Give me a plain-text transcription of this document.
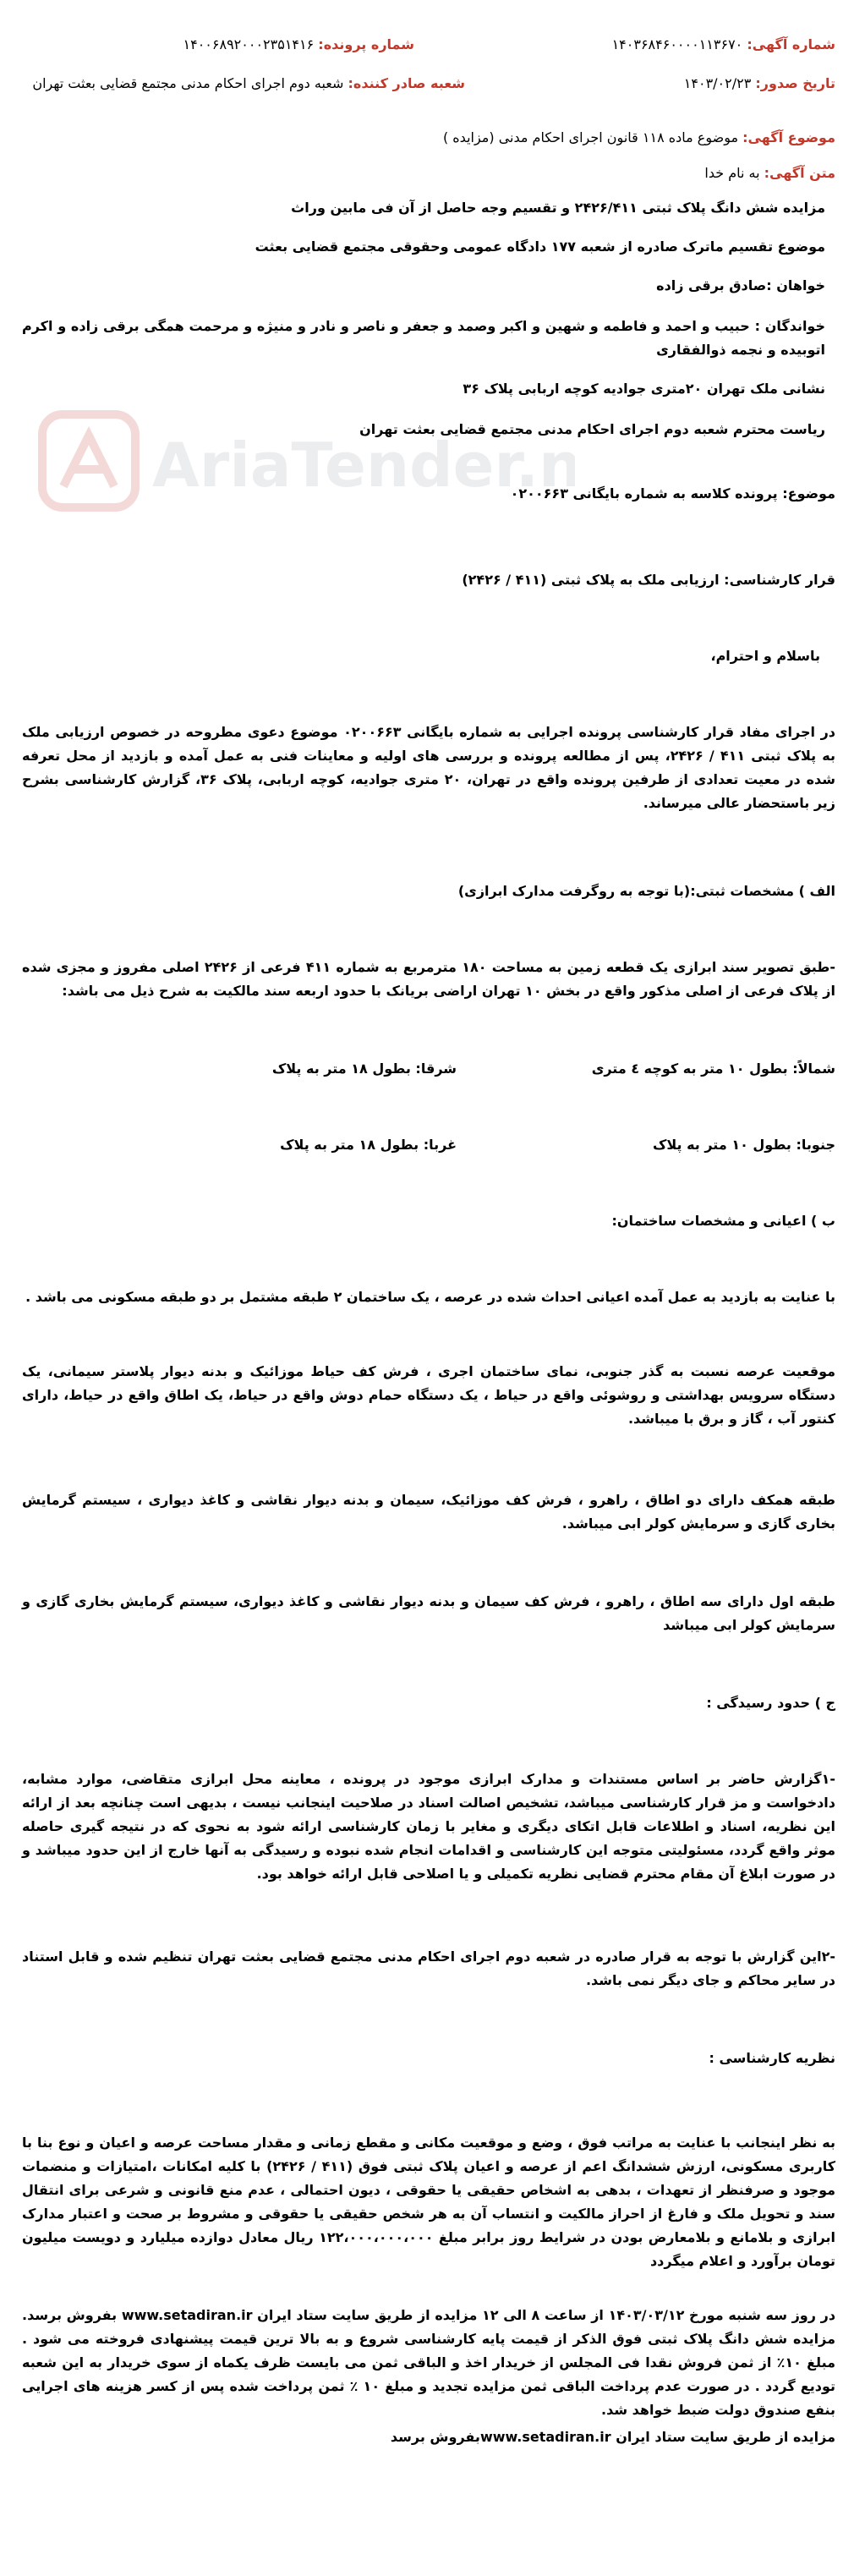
AriaTender.n
شماره آگهی: ۱۴۰۳۶۸۴۶۰۰۰۰۱۱۳۶۷۰
شماره پرونده: ۱۴۰۰۶۸۹۲۰۰۰۲۳۵۱۴۱۶
تاریخ صدور: ۱۴۰۳/۰۲/۲۳
شعبه صادر کننده: شعبه دوم اجرای احکام مدنی مجتمع قضایی بعثت تهران
موضوع آگهی: موضوع ماده ۱۱۸ قانون اجرای احکام مدنی (مزایده )
متن آگهی: به نام خدا
مزایده شش دانگ پلاک ثبتی ۲۴۲۶/۴۱۱ و تقسیم وجه حاصل از آن فی مابین وراث
موضوع تقسیم ماترک صادره از شعبه ۱۷۷ دادگاه عمومی وحقوقی مجتمع قضایی بعثت
خواهان :صادق برقی زاده
خواندگان : حبیب و احمد و فاطمه و شهین و اکبر وصمد و جعفر و ناصر و نادر و منیژه و مرحمت همگی برقی زاده و اکرم اتوبیده و نجمه ذوالفقاری
نشانی ملک تهران ۲۰متری جوادیه کوچه اربابی پلاک ۳۶
ریاست محترم شعبه دوم اجرای احکام مدنی مجتمع قضایی بعثت تهران
موضوع: پرونده کلاسه به شماره بایگانی ۰۲۰۰۶۶۳
قرار کارشناسی: ارزیابی ملک به پلاک ثبتی (۴۱۱ / ۲۴۲۶)
باسلام و احترام،
در اجرای مفاد قرار کارشناسی پرونده اجرایی به شماره بایگانی ۰۲۰۰۶۶۳ موضوع دعوی مطروحه در خصوص ارزیابی ملک به پلاک ثبتی ۴۱۱ / ۲۴۲۶، پس از مطالعه پرونده و بررسی های اولیه و معاینات فنی به عمل آمده و بازدید از محل تعرفه شده در معیت تعدادی از طرفین پرونده واقع در تهران، ۲۰ متری جوادیه، کوچه اربابی، پلاک ۳۶، گزارش کارشناسی بشرح زیر باستحضار عالی میرساند.
الف ) مشخصات ثبتی:(با توجه به روگرفت مدارک ابرازی)
-طبق تصویر سند ابرازی یک قطعه زمین به مساحت ۱۸۰ مترمربع به شماره ۴۱۱ فرعی از ۲۴۲۶ اصلی مفروز و مجزی شده از پلاک فرعی از اصلی مذکور واقع در بخش ۱۰ تهران اراضی بریانک با حدود اربعه سند مالکیت به شرح ذیل می باشد:
شمالاً: بطول ۱۰ متر به کوچه ٤ متری
شرقا: بطول ۱۸ متر به پلاک
جنوبا: بطول ۱۰ متر به پلاک
غربا: بطول ۱۸ متر به پلاک
ب ) اعیانی و مشخصات ساختمان:
با عنایت به بازدید به عمل آمده اعیانی احداث شده در عرصه ، یک ساختمان ۲ طبقه مشتمل بر دو طبقه مسکونی می باشد .
موقعیت عرصه نسبت به گذر جنوبی، نمای ساختمان اجری ، فرش کف حیاط موزائیک و بدنه دیوار پلاستر سیمانی، یک دستگاه سرویس بهداشتی و روشوئی واقع در حیاط ، یک دستگاه حمام دوش واقع در حیاط، یک اطاق واقع در حیاط، دارای کنتور آب ، گاز و برق با میباشد.
طبقه همکف دارای دو اطاق ، راهرو ، فرش کف موزائیک، سیمان و بدنه دیوار نقاشی و کاغذ دیواری ، سیستم گرمایش بخاری گازی و سرمایش کولر ابی میباشد.
طبقه اول دارای سه اطاق ، راهرو ، فرش کف سیمان و بدنه دیوار نقاشی و کاغذ دیواری، سیستم گرمایش بخاری گازی و سرمایش کولر ابی میباشد
ج ) حدود رسیدگی :
-۱گزارش حاضر بر اساس مستندات و مدارک ابرازی موجود در پرونده ، معاینه محل ابرازی متقاضی، موارد مشابه، دادخواست و مز قرار کارشناسی میباشد، تشخیص اصالت اسناد در صلاحیت اینجانب نیست ، بدیهی است چنانچه بعد از ارائه این نظریه، اسناد و اطلاعات قابل اتکای دیگری و مغایر با زمان کارشناسی ارائه شود به نحوی که در نتیجه گیری حاصله موثر واقع گردد، مسئولیتی متوجه این کارشناسی و اقدامات انجام شده نبوده و رسیدگی به آنها خارج از این حدود میباشد و در صورت ابلاغ آن مقام محترم قضایی نظریه تکمیلی و یا اصلاحی قابل ارائه خواهد بود.
-۲این گزارش با توجه به قرار صادره در شعبه دوم اجرای احکام مدنی مجتمع قضایی بعثت تهران تنظیم شده و قابل استناد در سایر محاکم و جای دیگر نمی باشد.
نظریه کارشناسی :
به نظر اینجانب با عنایت به مراتب فوق ، وضع و موقعیت مکانی و مقطع زمانی و مقدار مساحت عرصه و اعیان و نوع بنا با کاربری مسکونی، ارزش ششدانگ اعم از عرصه و اعیان پلاک ثبتی فوق (۴۱۱ / ۲۴۲۶) با کلیه امکانات ،امتیازات و منضمات موجود و صرفنظر از تعهدات ، بدهی به اشخاص حقیقی یا حقوقی ، دیون احتمالی ، عدم منع قانونی و شرعی برای انتقال سند و تحویل ملک و فارغ از احراز مالکیت و انتساب آن به هر شخص حقیقی یا حقوقی و مشروط بر صحت و اعتبار مدارک ابرازی و بلامانع و بلامعارض بودن در شرایط روز برابر مبلغ ۱۲۲،۰۰۰،۰۰۰،۰۰۰ ریال معادل دوازده میلیارد و دویست میلیون تومان برآورد و اعلام میگردد
در روز سه شنبه مورخ ۱۴۰۳/۰۳/۱۲ از ساعت ۸ الی ۱۲ مزایده از طریق سایت ستاد ایران www.setadiran.ir بفروش برسد. مزایده شش دانگ پلاک ثبتی فوق الذکر از قیمت پایه کارشناسی شروع و به بالا ترین قیمت پیشنهادی فروخته می شود . مبلغ ۱۰٪ از ثمن فروش نقدا فی المجلس از خریدار اخذ و الباقی ثمن می بایست ظرف یکماه از سوی خریدار به این شعبه تودیع گردد . در صورت عدم پرداخت الباقی ثمن مزایده تجدید و مبلغ ۱۰ ٪ ثمن پرداخت شده پس از کسر هزینه های اجرایی بنفع صندوق دولت ضبط خواهد شد.
مزایده از طریق سایت ستاد ایران www.setadiran.irبفروش برسد
